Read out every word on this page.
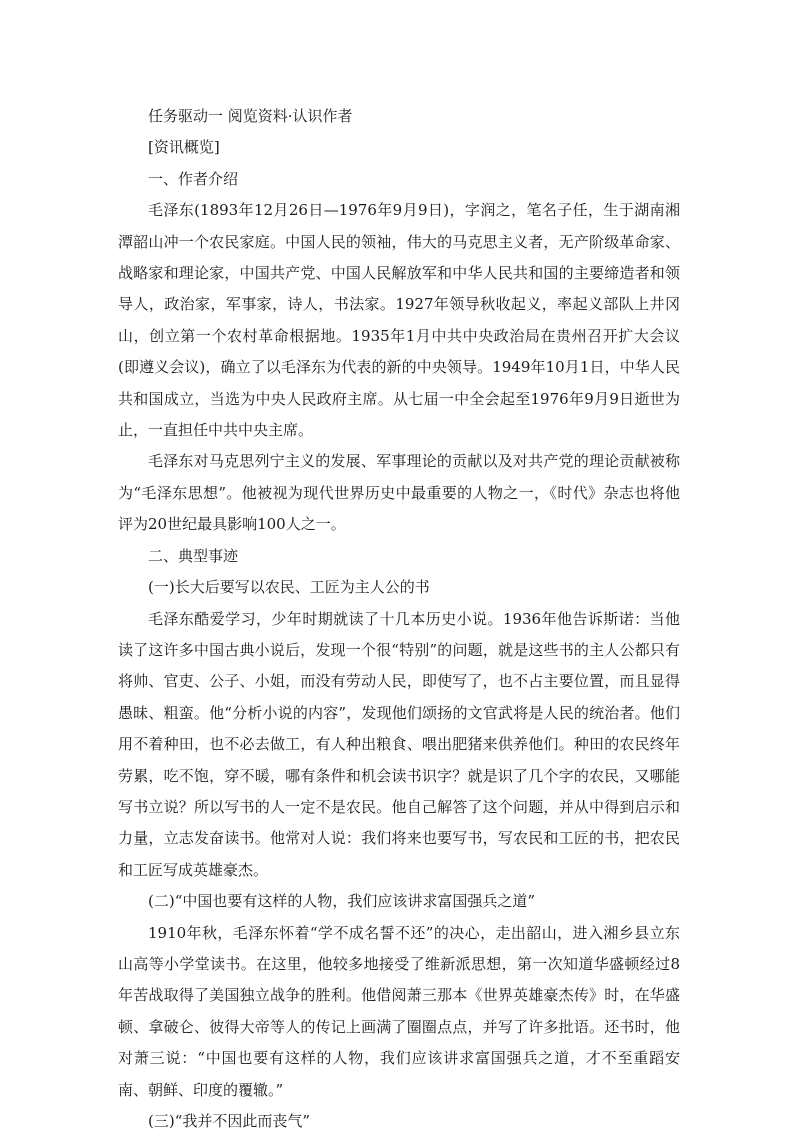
任务驱动一 阅览资料·认识作者

[资讯概览]

一、作者介绍

毛泽东(1893年12月26日—1976年9月9日)，字润之，笔名子任，生于湖南湘潭韶山冲一个农民家庭。中国人民的领袖，伟大的马克思主义者，无产阶级革命家、战略家和理论家，中国共产党、中国人民解放军和中华人民共和国的主要缔造者和领导人，政治家，军事家，诗人，书法家。1927年领导秋收起义，率起义部队上井冈山，创立第一个农村革命根据地。1935年1月中共中央政治局在贵州召开扩大会议(即遵义会议)，确立了以毛泽东为代表的新的中央领导。1949年10月1日，中华人民共和国成立，当选为中央人民政府主席。从七届一中全会起至1976年9月9日逝世为止，一直担任中共中央主席。

毛泽东对马克思列宁主义的发展、军事理论的贡献以及对共产党的理论贡献被称为“毛泽东思想”。他被视为现代世界历史中最重要的人物之一，《时代》杂志也将他评为20世纪最具影响100人之一。

二、典型事迹

(一)长大后要写以农民、工匠为主人公的书

毛泽东酷爱学习，少年时期就读了十几本历史小说。1936年他告诉斯诺：当他读了这许多中国古典小说后，发现一个很“特别”的问题，就是这些书的主人公都只有将帅、官吏、公子、小姐，而没有劳动人民，即使写了，也不占主要位置，而且显得愚昧、粗蛮。他“分析小说的内容”，发现他们颂扬的文官武将是人民的统治者。他们用不着种田，也不必去做工，有人种出粮食、喂出肥猪来供养他们。种田的农民终年劳累，吃不饱，穿不暖，哪有条件和机会读书识字？就是识了几个字的农民，又哪能写书立说？所以写书的人一定不是农民。他自己解答了这个问题，并从中得到启示和力量，立志发奋读书。他常对人说：我们将来也要写书，写农民和工匠的书，把农民和工匠写成英雄豪杰。

(二)“中国也要有这样的人物，我们应该讲求富国强兵之道”

1910年秋，毛泽东怀着“学不成名誓不还”的决心，走出韶山，进入湘乡县立东山高等小学堂读书。在这里，他较多地接受了维新派思想，第一次知道华盛顿经过8年苦战取得了美国独立战争的胜利。他借阅萧三那本《世界英雄豪杰传》时，在华盛顿、拿破仑、彼得大帝等人的传记上画满了圈圈点点，并写了许多批语。还书时，他对萧三说：“中国也要有这样的人物，我们应该讲求富国强兵之道，才不至重蹈安南、朝鲜、印度的覆辙。”

(三)“我并不因此而丧气”
